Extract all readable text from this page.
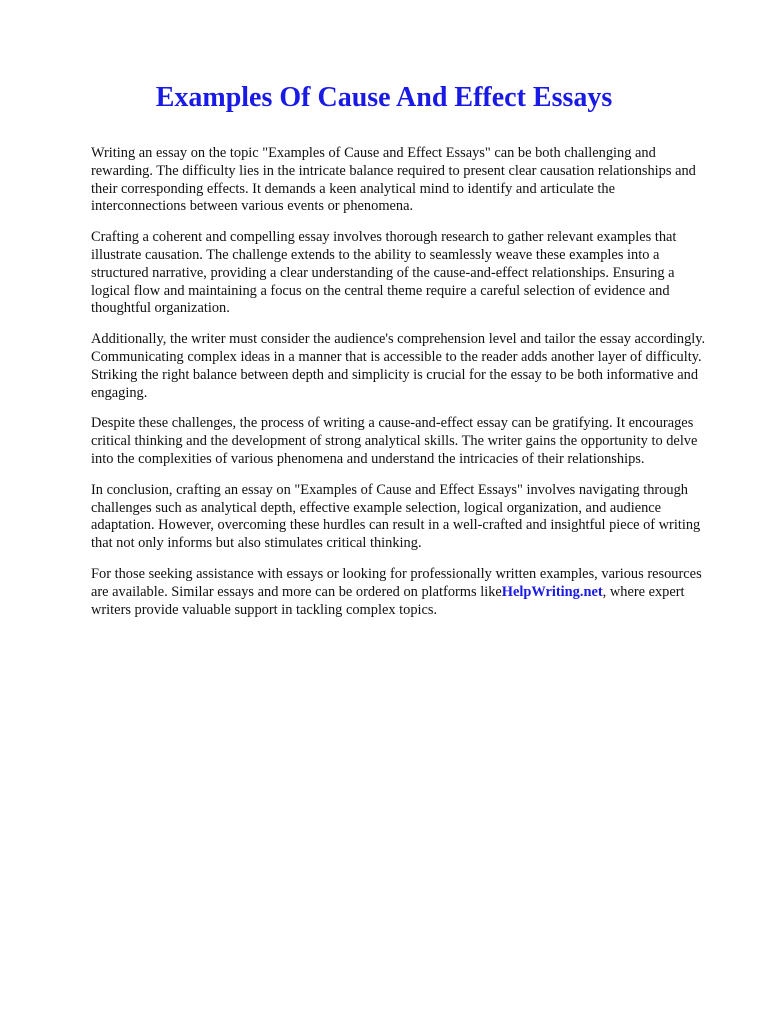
Examples Of Cause And Effect Essays

Writing an essay on the topic "Examples of Cause and Effect Essays" can be both challenging and rewarding. The difficulty lies in the intricate balance required to present clear causation relationships and their corresponding effects. It demands a keen analytical mind to identify and articulate the interconnections between various events or phenomena.

Crafting a coherent and compelling essay involves thorough research to gather relevant examples that illustrate causation. The challenge extends to the ability to seamlessly weave these examples into a structured narrative, providing a clear understanding of the cause-and-effect relationships. Ensuring a logical flow and maintaining a focus on the central theme require a careful selection of evidence and thoughtful organization.

Additionally, the writer must consider the audience's comprehension level and tailor the essay accordingly. Communicating complex ideas in a manner that is accessible to the reader adds another layer of difficulty. Striking the right balance between depth and simplicity is crucial for the essay to be both informative and engaging.

Despite these challenges, the process of writing a cause-and-effect essay can be gratifying. It encourages critical thinking and the development of strong analytical skills. The writer gains the opportunity to delve into the complexities of various phenomena and understand the intricacies of their relationships.

In conclusion, crafting an essay on "Examples of Cause and Effect Essays" involves navigating through challenges such as analytical depth, effective example selection, logical organization, and audience adaptation. However, overcoming these hurdles can result in a well-crafted and insightful piece of writing that not only informs but also stimulates critical thinking.

For those seeking assistance with essays or looking for professionally written examples, various resources are available. Similar essays and more can be ordered on platforms likeHelpWriting.net, where expert writers provide valuable support in tackling complex topics.
